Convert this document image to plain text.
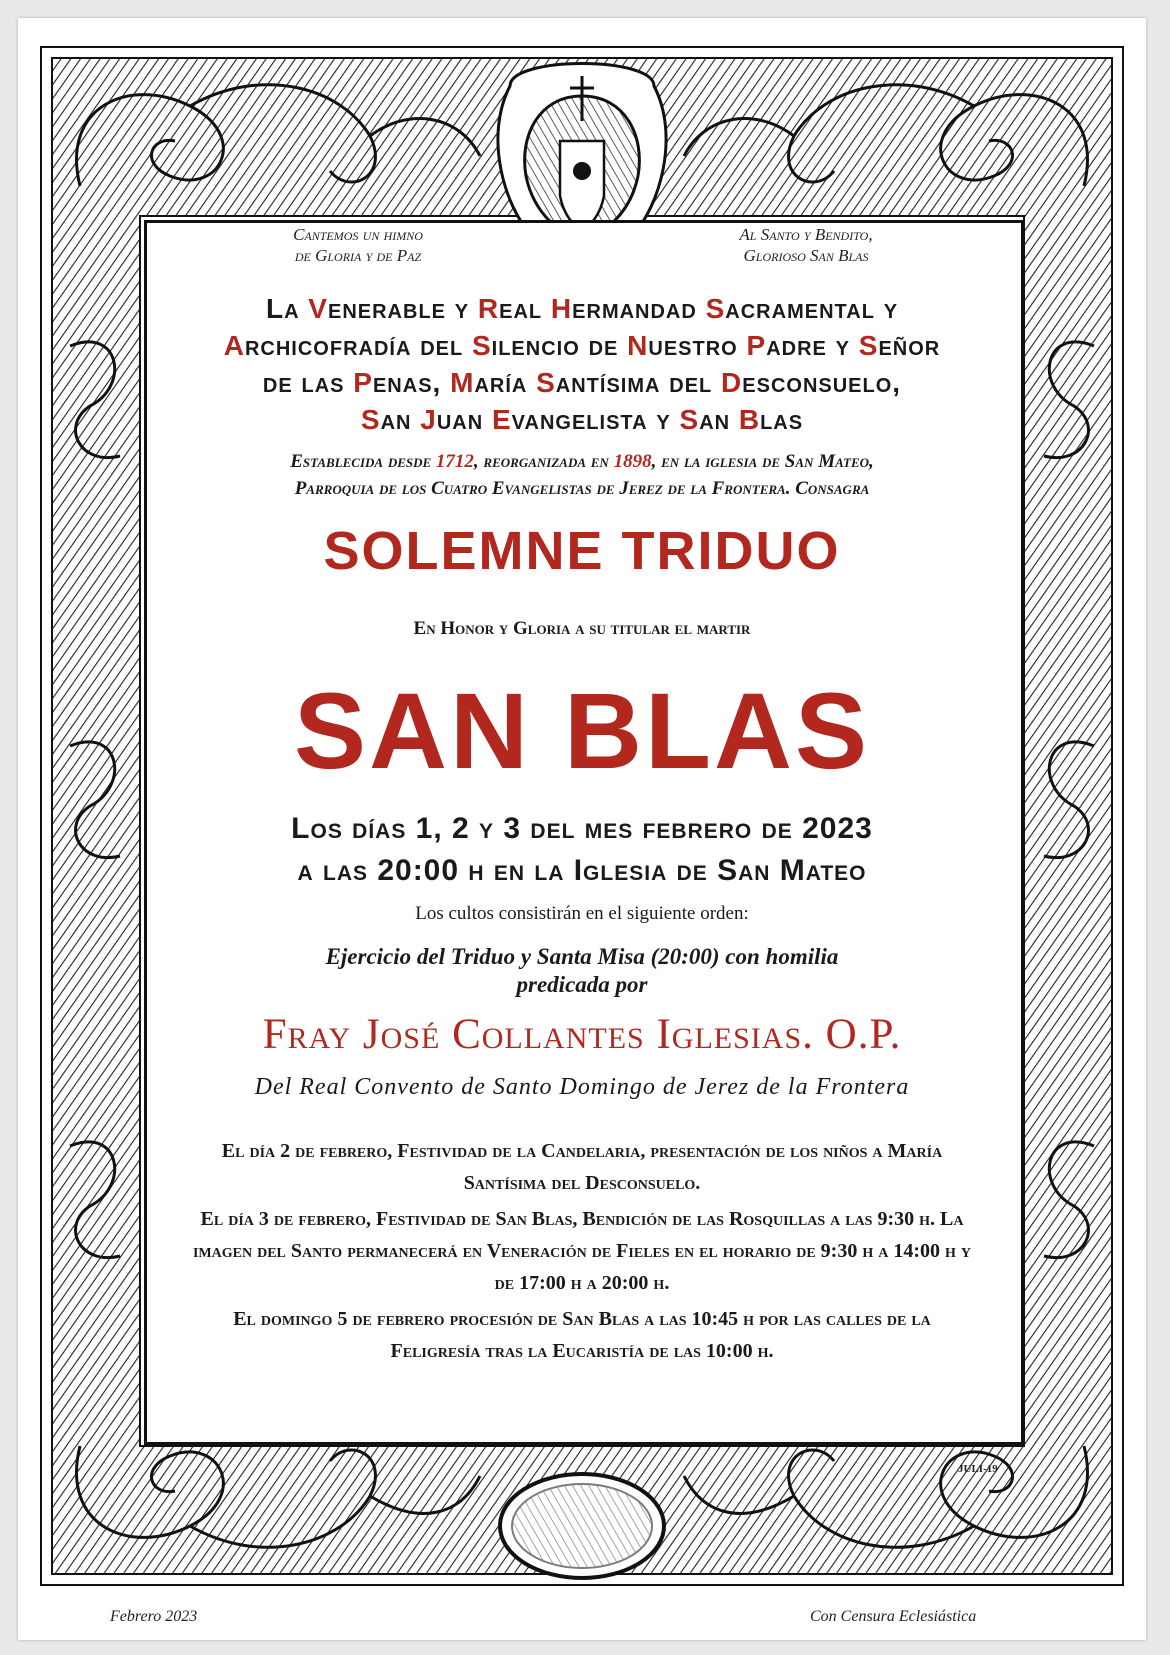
Cantemos un himno
de Gloria y de Paz
Al Santo y Bendito,
Glorioso San Blas
La Venerable y Real Hermandad Sacramental y
Archicofradía del Silencio de Nuestro Padre y Señor
de las Penas, María Santísima del Desconsuelo,
San Juan Evangelista y San Blas
Establecida desde 1712, reorganizada en 1898, en la iglesia de San Mateo,
Parroquia de los Cuatro Evangelistas de Jerez de la Frontera. Consagra
SOLEMNE TRIDUO
En Honor y Gloria a su titular el martir
SAN BLAS
Los días 1, 2 y 3 del mes febrero de 2023
a las 20:00 h en la Iglesia de San Mateo
Los cultos consistirán en el siguiente orden:
Ejercicio del Triduo y Santa Misa (20:00) con homilia
predicada por
Fray José Collantes Iglesias. O.P.
Del Real Convento de Santo Domingo de Jerez de la Frontera
El día 2 de febrero, Festividad de la Candelaria, presentación de los niños a María Santísima del Desconsuelo.
El día 3 de febrero, Festividad de San Blas, Bendición de las Rosquillas a las 9:30 h. La imagen del Santo permanecerá en Veneración de Fieles en el horario de 9:30 h a 14:00 h y de 17:00 h a 20:00 h.
El domingo 5 de febrero procesión de San Blas a las 10:45 h por las calles de la Feligresía tras la Eucaristía de las 10:00 h.
JULI-19
Febrero 2023	Con Censura Eclesiástica
